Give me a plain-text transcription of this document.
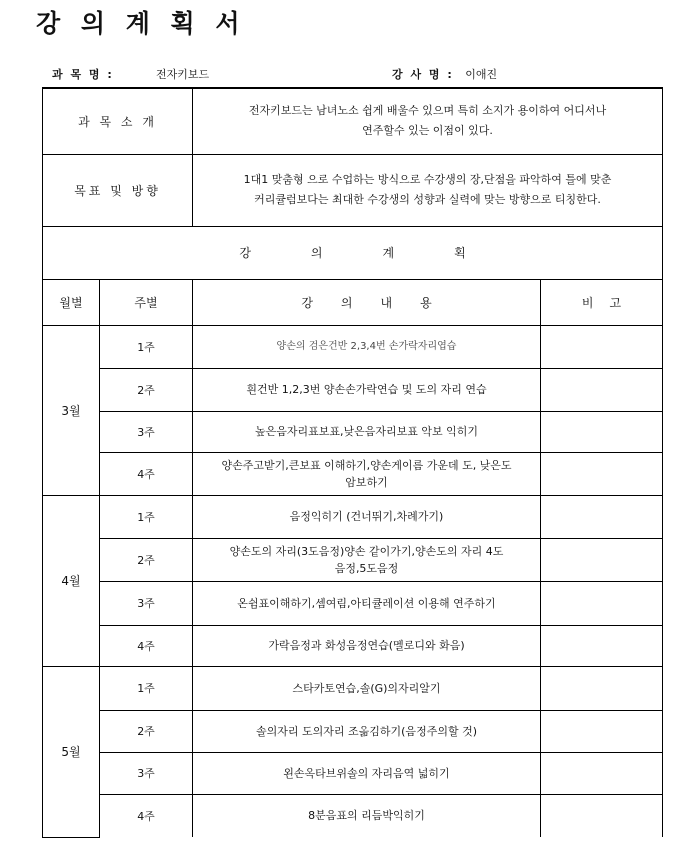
강 의 계 획 서
과 목 명 :	전자키보드	강 사 명 : 이애진
과 목 소 개		전자키보드는 남녀노소 쉽게 배울수 있으며 특히 소지가 용이하여 어디서나
연주할수 있는 이점이 있다.	

목표 및 방향		1대1 맞춤형 으로 수업하는 방식으로 수강생의 장,단점을 파악하여 틀에 맞춘
커리큘럼보다는 최대한 수강생의 성향과 실력에 맞는 방향으로 티칭한다.	

강 의 계 획			
월별	주별	강 의 내 용	비 고
3월	1주	양손의 검은건반 2,3,4번 손가락자리엽습	
	2주	흰건반 1,2,3번 양손손가락연습 및 도의 자리 연습	
	3주	높은음자리표보표,낮은음자리보표 악보 익히기	
	4주	양손주고받기,큰보표 이해하기,양손게이름 가운데 도, 낮은도
암보하기	

4월	1주	음정익히기 (건너뛰기,차례가기)	
	2주	양손도의 자리(3도음정)양손 같이가기,양손도의 자리 4도
음정,5도음정	

	3주	온쉼표이해하기,셈여림,아티큘레이션 이용해 연주하기	
	4주	가락음정과 화성음정연습(멜로디와 화음)	
5월	1주	스타카토연습,솔(G)의자리알기	
	2주	솔의자리 도의자리 조옮김하기(음정주의할 것)	
	3주	왼손옥타브위솔의 자리음역 넓히기	
	4주	8분음표의 리듬박익히기	
